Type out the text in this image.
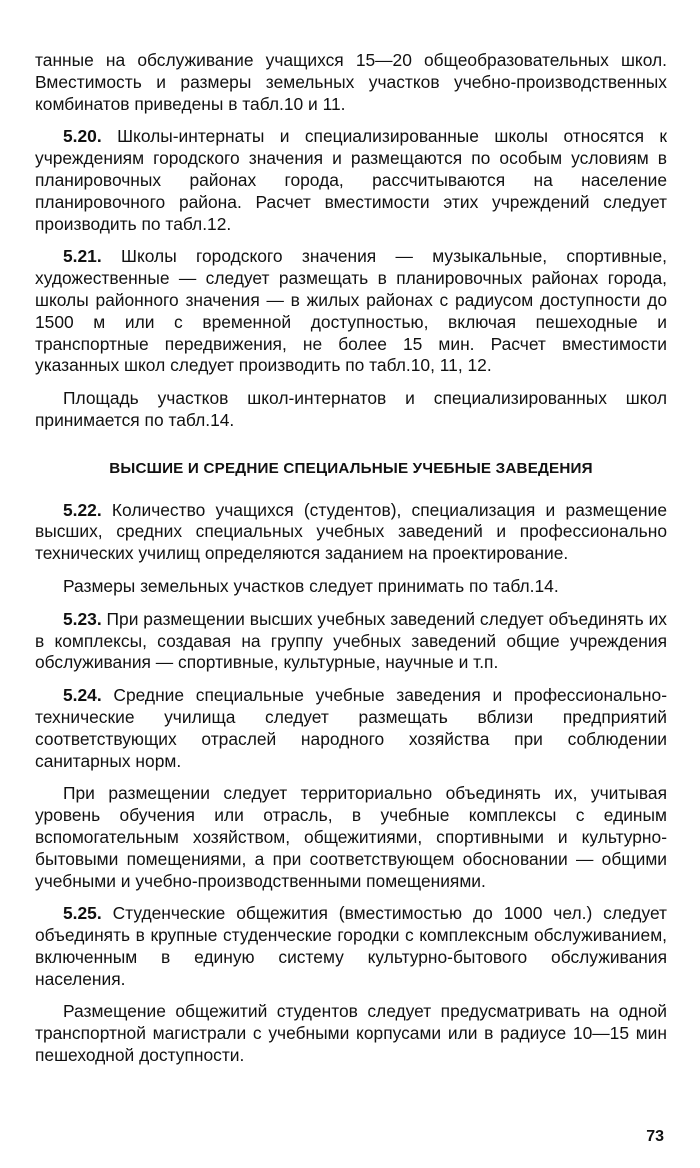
танные на обслуживание учащихся 15—20 общеобразовательных школ. Вместимость и размеры земельных участков учебно-производственных комбинатов приведены в табл.10 и 11.

5.20. Школы-интернаты и специализированные школы относятся к учреждениям городского значения и размещаются по особым условиям в планировочных районах города, рассчитываются на население планировочного района. Расчет вместимости этих учреждений следует производить по табл.12.

5.21. Школы городского значения — музыкальные, спортивные, художественные — следует размещать в планировочных районах города, школы районного значения — в жилых районах с радиусом доступности до 1500 м или с временной доступностью, включая пешеходные и транспортные передвижения, не более 15 мин. Расчет вместимости указанных школ следует производить по табл.10, 11, 12.

Площадь участков школ-интернатов и специализированных школ принимается по табл.14.

ВЫСШИЕ И СРЕДНИЕ СПЕЦИАЛЬНЫЕ УЧЕБНЫЕ ЗАВЕДЕНИЯ

5.22. Количество учащихся (студентов), специализация и размещение высших, средних специальных учебных заведений и профессионально технических училищ определяются заданием на проектирование.

Размеры земельных участков следует принимать по табл.14.

5.23. При размещении высших учебных заведений следует объединять их в комплексы, создавая на группу учебных заведений общие учреждения обслуживания — спортивные, культурные, научные и т.п.

5.24. Средние специальные учебные заведения и профессионально-технические училища следует размещать вблизи предприятий соответствующих отраслей народного хозяйства при соблюдении санитарных норм.

При размещении следует территориально объединять их, учитывая уровень обучения или отрасль, в учебные комплексы с единым вспомогательным хозяйством, общежитиями, спортивными и культурно-бытовыми помещениями, а при соответствующем обосновании — общими учебными и учебно-производственными помещениями.

5.25. Студенческие общежития (вместимостью до 1000 чел.) следует объединять в крупные студенческие городки с комплексным обслуживанием, включенным в единую систему культурно-бытового обслуживания населения.

Размещение общежитий студентов следует предусматривать на одной транспортной магистрали с учебными корпусами или в радиусе 10—15 мин пешеходной доступности.

73
